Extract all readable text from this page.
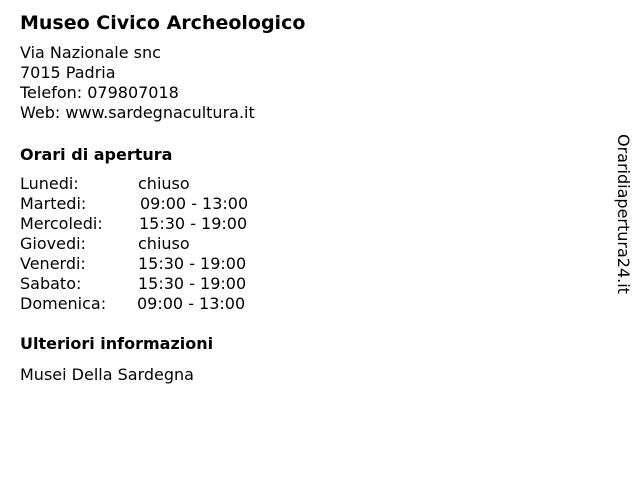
Museo Civico Archeologico
Via Nazionale snc
7015 Padria
Telefon: 079807018
Web: www.sardegnacultura.it
Orari di apertura
Lunedi:	chiuso
Martedi:	09:00 - 13:00
Mercoledi: 15:30 - 19:00
Giovedi:	chiuso
Venerdi:	15:30 - 19:00
Sabato:	15:30 - 19:00
Domenica: 09:00 - 13:00
Ulteriori informazioni
Musei Della Sardegna
Oraridiapertura24.it
